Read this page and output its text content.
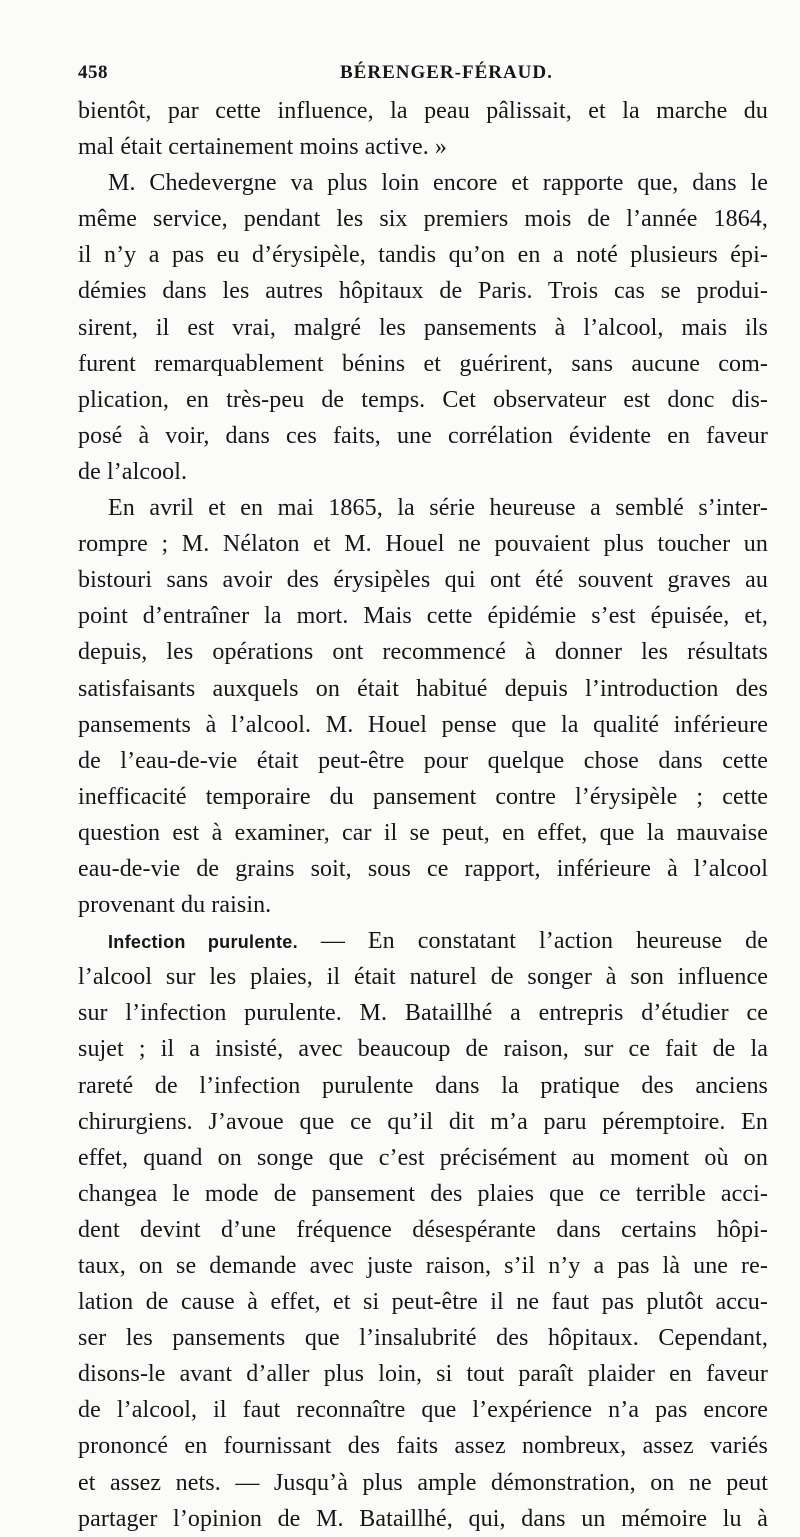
458	BÉRENGER-FÉRAUD.
bientôt, par cette influence, la peau pâlissait, et la marche du
mal était certainement moins active. »
M. Chedevergne va plus loin encore et rapporte que, dans le
même service, pendant les six premiers mois de l’année 1864,
il n’y a pas eu d’érysipèle, tandis qu’on en a noté plusieurs épi-
démies dans les autres hôpitaux de Paris. Trois cas se produi-
sirent, il est vrai, malgré les pansements à l’alcool, mais ils
furent remarquablement bénins et guérirent, sans aucune com-
plication, en très-peu de temps. Cet observateur est donc dis-
posé à voir, dans ces faits, une corrélation évidente en faveur
de l’alcool.
En avril et en mai 1865, la série heureuse a semblé s’inter-
rompre ; M. Nélaton et M. Houel ne pouvaient plus toucher un
bistouri sans avoir des érysipèles qui ont été souvent graves au
point d’entraîner la mort. Mais cette épidémie s’est épuisée, et,
depuis, les opérations ont recommencé à donner les résultats
satisfaisants auxquels on était habitué depuis l’introduction des
pansements à l’alcool. M. Houel pense que la qualité inférieure
de l’eau-de-vie était peut-être pour quelque chose dans cette
inefficacité temporaire du pansement contre l’érysipèle ; cette
question est à examiner, car il se peut, en effet, que la mauvaise
eau-de-vie de grains soit, sous ce rapport, inférieure à l’alcool
provenant du raisin.
Infection purulente. — En constatant l’action heureuse de
l’alcool sur les plaies, il était naturel de songer à son influence
sur l’infection purulente. M. Bataillhé a entrepris d’étudier ce
sujet ; il a insisté, avec beaucoup de raison, sur ce fait de la
rareté de l’infection purulente dans la pratique des anciens
chirurgiens. J’avoue que ce qu’il dit m’a paru péremptoire. En
effet, quand on songe que c’est précisément au moment où on
changea le mode de pansement des plaies que ce terrible acci-
dent devint d’une fréquence désespérante dans certains hôpi-
taux, on se demande avec juste raison, s’il n’y a pas là une re-
lation de cause à effet, et si peut-être il ne faut pas plutôt accu-
ser les pansements que l’insalubrité des hôpitaux. Cependant,
disons-le avant d’aller plus loin, si tout paraît plaider en faveur
de l’alcool, il faut reconnaître que l’expérience n’a pas encore
prononcé en fournissant des faits assez nombreux, assez variés
et assez nets. — Jusqu’à plus ample démonstration, on ne peut
partager l’opinion de M. Bataillhé, qui, dans un mémoire lu à
